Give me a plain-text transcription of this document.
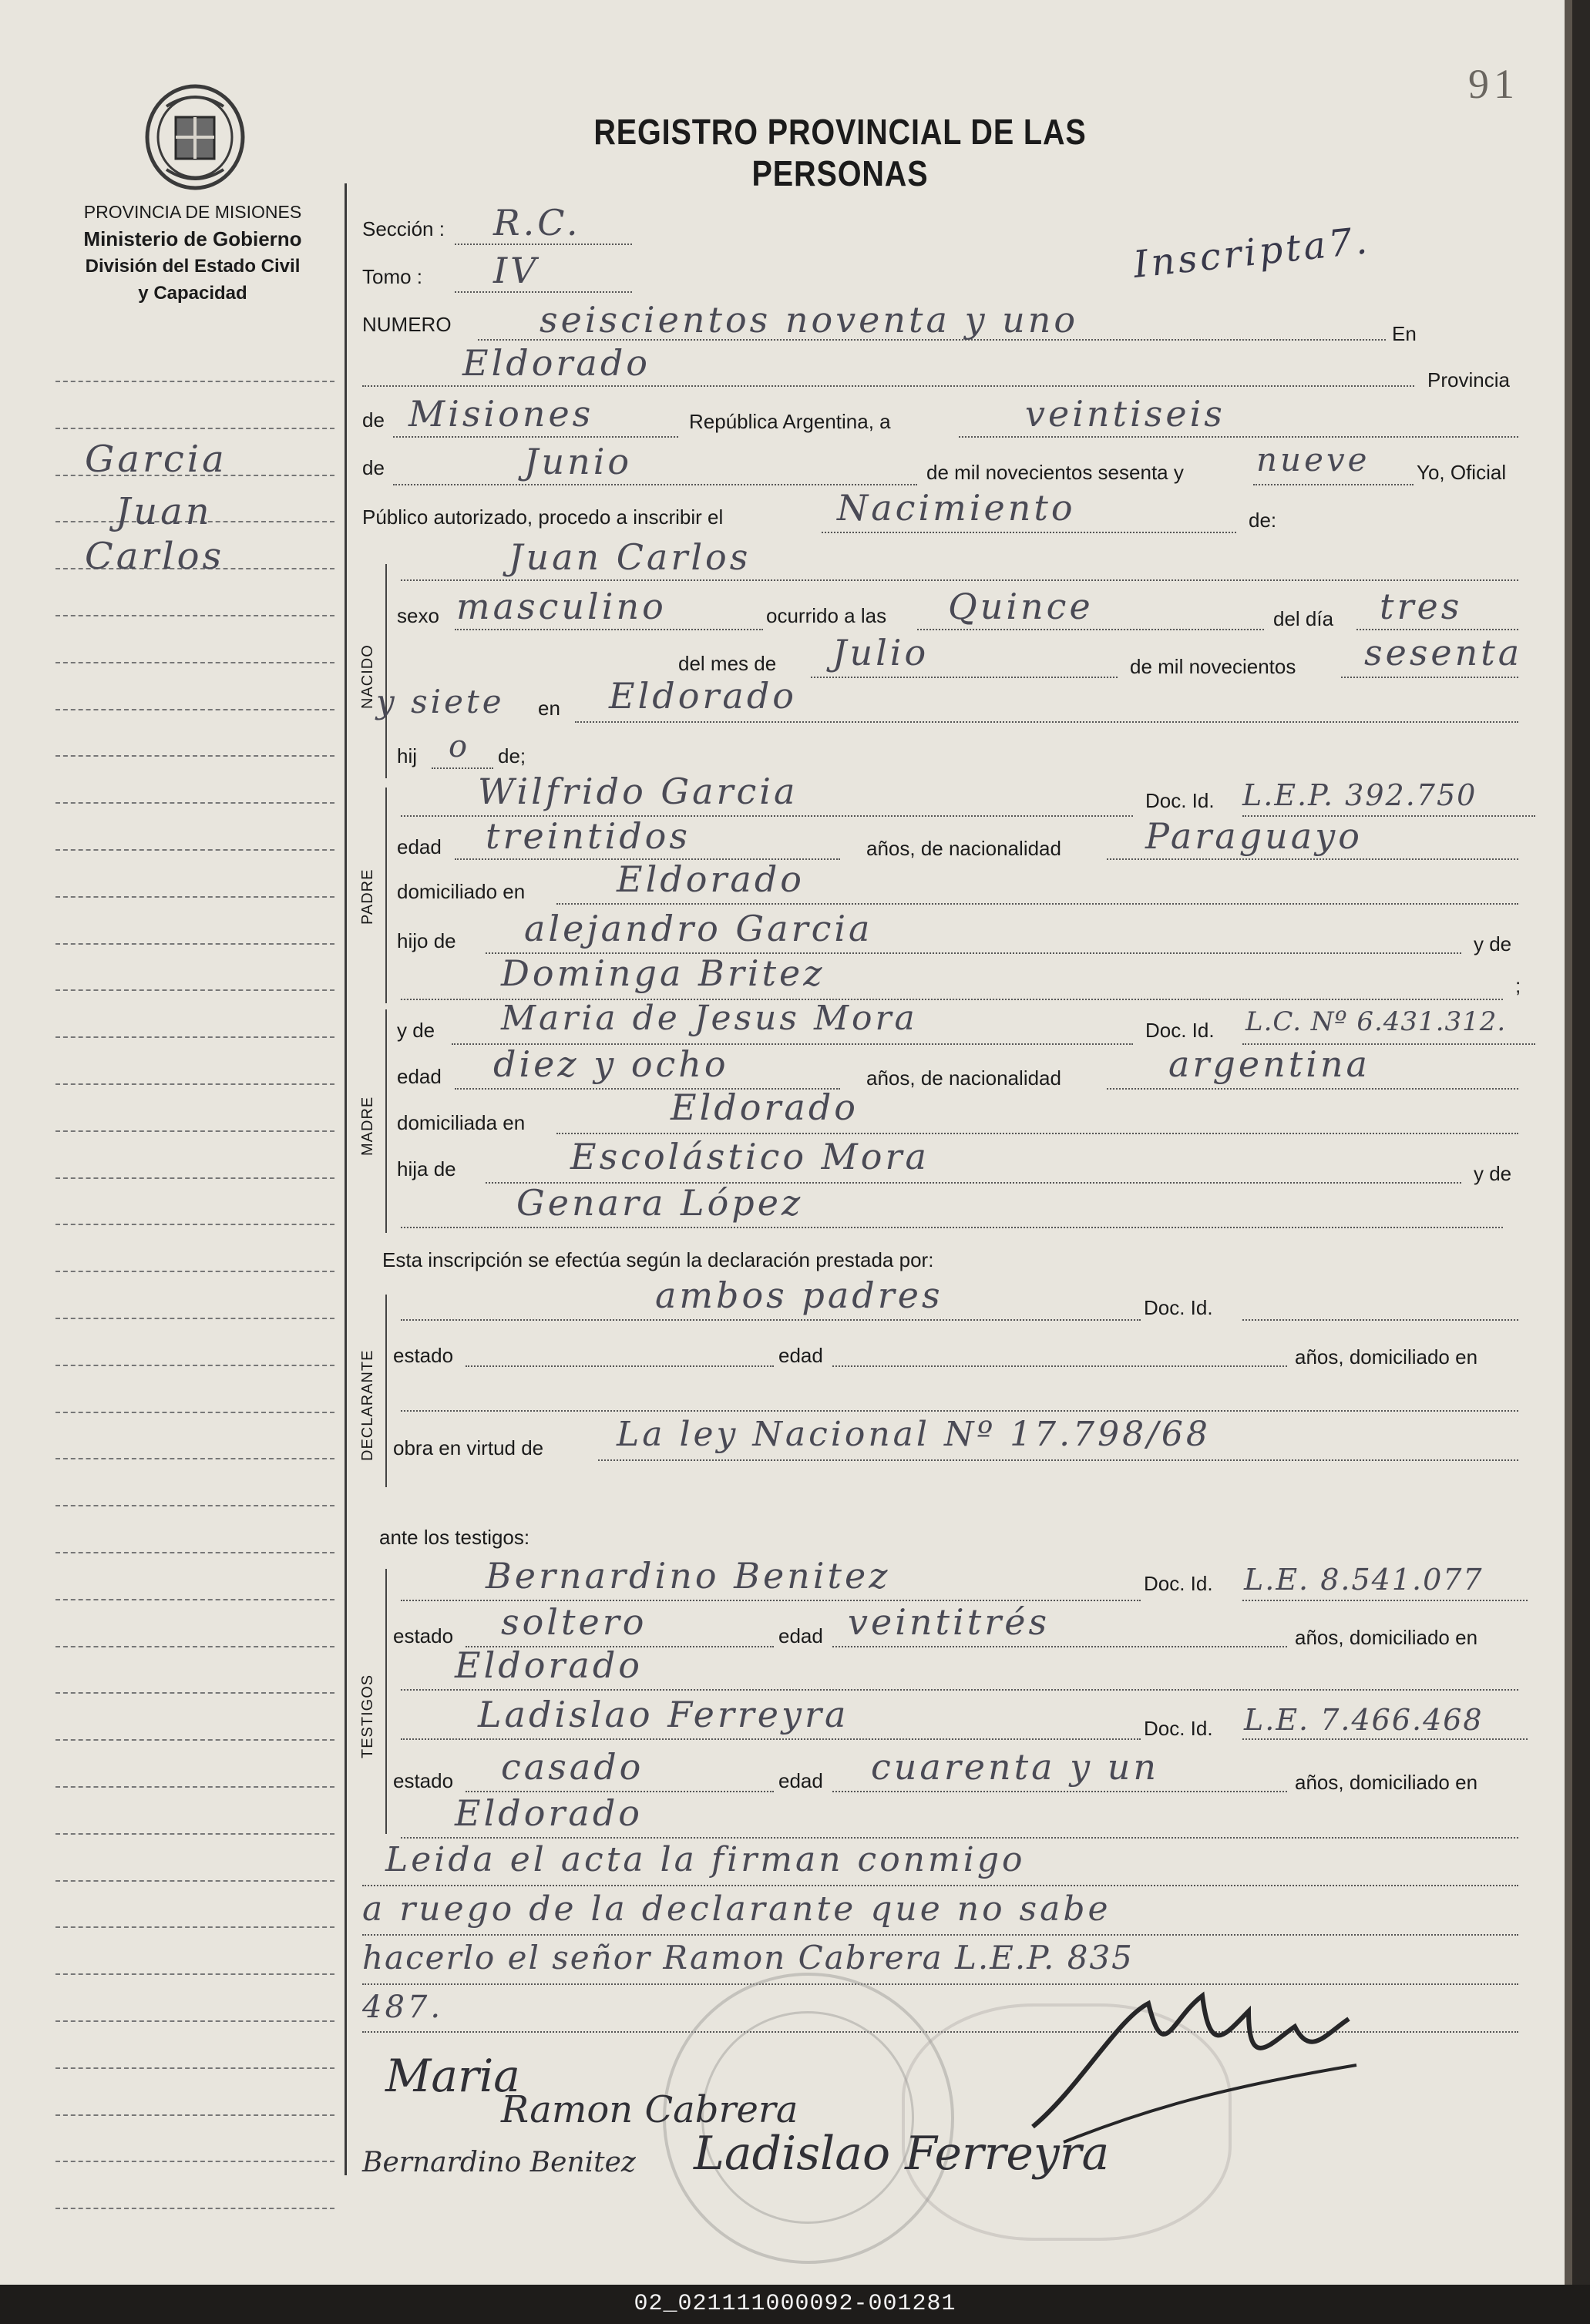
91
REGISTRO PROVINCIAL DE LAS PERSONAS
PROVINCIA DE MISIONES
Ministerio de Gobierno
División del Estado Civil
y Capacidad
Garcia
Juan
Carlos
Inscripta7.
Sección : R.C.
Tomo : IV
NUMERO seiscientos noventa y uno	En
Eldorado	Provincia
de Misiones	República Argentina, a	veintiseis
de	Junio	de mil novecientos sesenta y nueve Yo, Oficial
Público autorizado, procedo a inscribir el	Nacimiento	de:
NACIDO
Juan Carlos
sexo masculino	ocurrido a las Quince	del día tres
del mes de Julio	de mil novecientos sesenta
y siete en Eldorado
hij o de;
PADRE
Wilfrido Garcia	Doc. Id. L.E.P. 392.750
edad treintidos	años, de nacionalidad Paraguayo
domiciliado en	Eldorado
hijo de alejandro Garcia	y de
Dominga Britez	;
MADRE
y de Maria de Jesus Mora	Doc. Id. L.C. Nº 6.431.312.
edad diez y ocho	años, de nacionalidad	argentina
domiciliada en	Eldorado
hija de	Escolástico Mora	y de
Genara López
Esta inscripción se efectúa según la declaración prestada por:
DECLARANTE
ambos padres	Doc. Id.
estado	edad	años, domiciliado en
obra en virtud de La ley Nacional Nº 17.798/68
ante los testigos:
TESTIGOS
Bernardino Benitez	Doc. Id. L.E. 8.541.077
estado soltero	edad veintitrés	años, domiciliado en
Eldorado
Ladislao Ferreyra	Doc. Id. L.E. 7.466.468
estado casado	edad cuarenta y un	años, domiciliado en
Eldorado
Leida el acta la firman conmigo
a ruego de la declarante que no sabe
hacerlo el señor Ramon Cabrera L.E.P. 835
487.
Maria
Ramon Cabrera
Bernardino Benitez Ladislao Ferreyra
02_021111000092-001281
